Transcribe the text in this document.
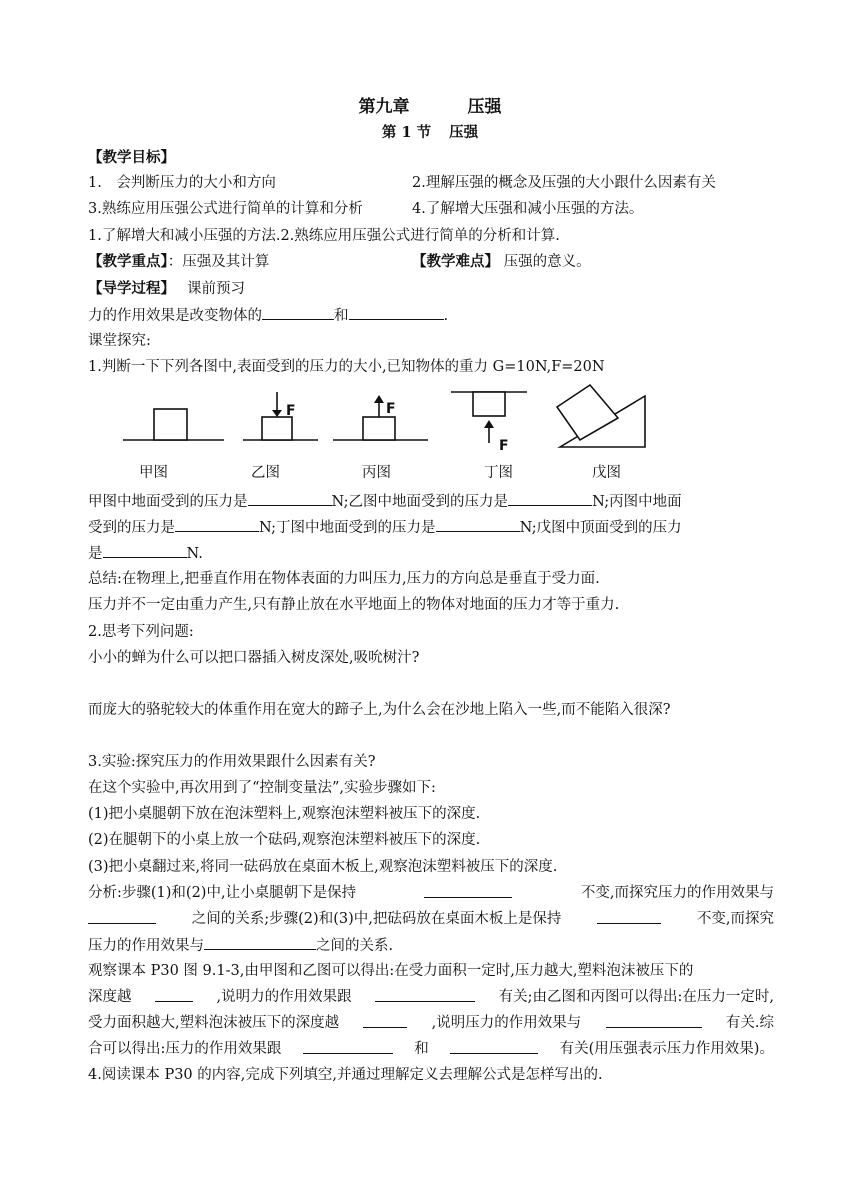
第九章	压强
第 1 节 压强
【教学目标】
1.　会判断压力的大小和方向	2.理解压强的概念及压强的大小跟什么因素有关
3.熟练应用压强公式进行简单的计算和分析	4.了解增大压强和减小压强的方法。
1.了解增大和减小压强的方法.2.熟练应用压强公式进行简单的分析和计算.
【教学重点】：压强及其计算	【教学难点】 压强的意义。
【导学过程】 课前预习
力的作用效果是改变物体的	和	.
课堂探究:
1.判断一下下列各图中,表面受到的压力的大小,已知物体的重力 G=10N,F=20N
F	F
F
甲图	乙图	丙图	丁图	戊图
甲图中地面受到的压力是	N;乙图中地面受到的压力是	N;丙图中地面
受到的压力是	N;丁图中地面受到的压力是	N;戊图中顶面受到的压力
是	N.
总结:在物理上,把垂直作用在物体表面的力叫压力,压力的方向总是垂直于受力面.
压力并不一定由重力产生,只有静止放在水平地面上的物体对地面的压力才等于重力.
2.思考下列问题:
小小的蝉为什么可以把口器插入树皮深处,吸吮树汁?
而庞大的骆驼较大的体重作用在宽大的蹄子上,为什么会在沙地上陷入一些,而不能陷入很深?
3.实验:探究压力的作用效果跟什么因素有关?
在这个实验中,再次用到了“控制变量法”,实验步骤如下:
(1)把小桌腿朝下放在泡沫塑料上,观察泡沫塑料被压下的深度.
(2)在腿朝下的小桌上放一个砝码,观察泡沫塑料被压下的深度.
(3)把小桌翻过来,将同一砝码放在桌面木板上,观察泡沫塑料被压下的深度.
分析:步骤(1)和(2)中,让小桌腿朝下是保持	不变,而探究压力的作用效果与
之间的关系;步骤(2)和(3)中,把砝码放在桌面木板上是保持	不变,而探究
压力的作用效果与	之间的关系.
观察课本 P30 图 9.1-3,由甲图和乙图可以得出:在受力面积一定时,压力越大,塑料泡沫被压下的
深度越	,说明力的作用效果跟	有关;由乙图和丙图可以得出:在压力一定时,
受力面积越大,塑料泡沫被压下的深度越	,说明压力的作用效果与	有关.综
合可以得出:压力的作用效果跟	和	有关(用压强表示压力作用效果)。
4.阅读课本 P30 的内容,完成下列填空,并通过理解定义去理解公式是怎样写出的.
